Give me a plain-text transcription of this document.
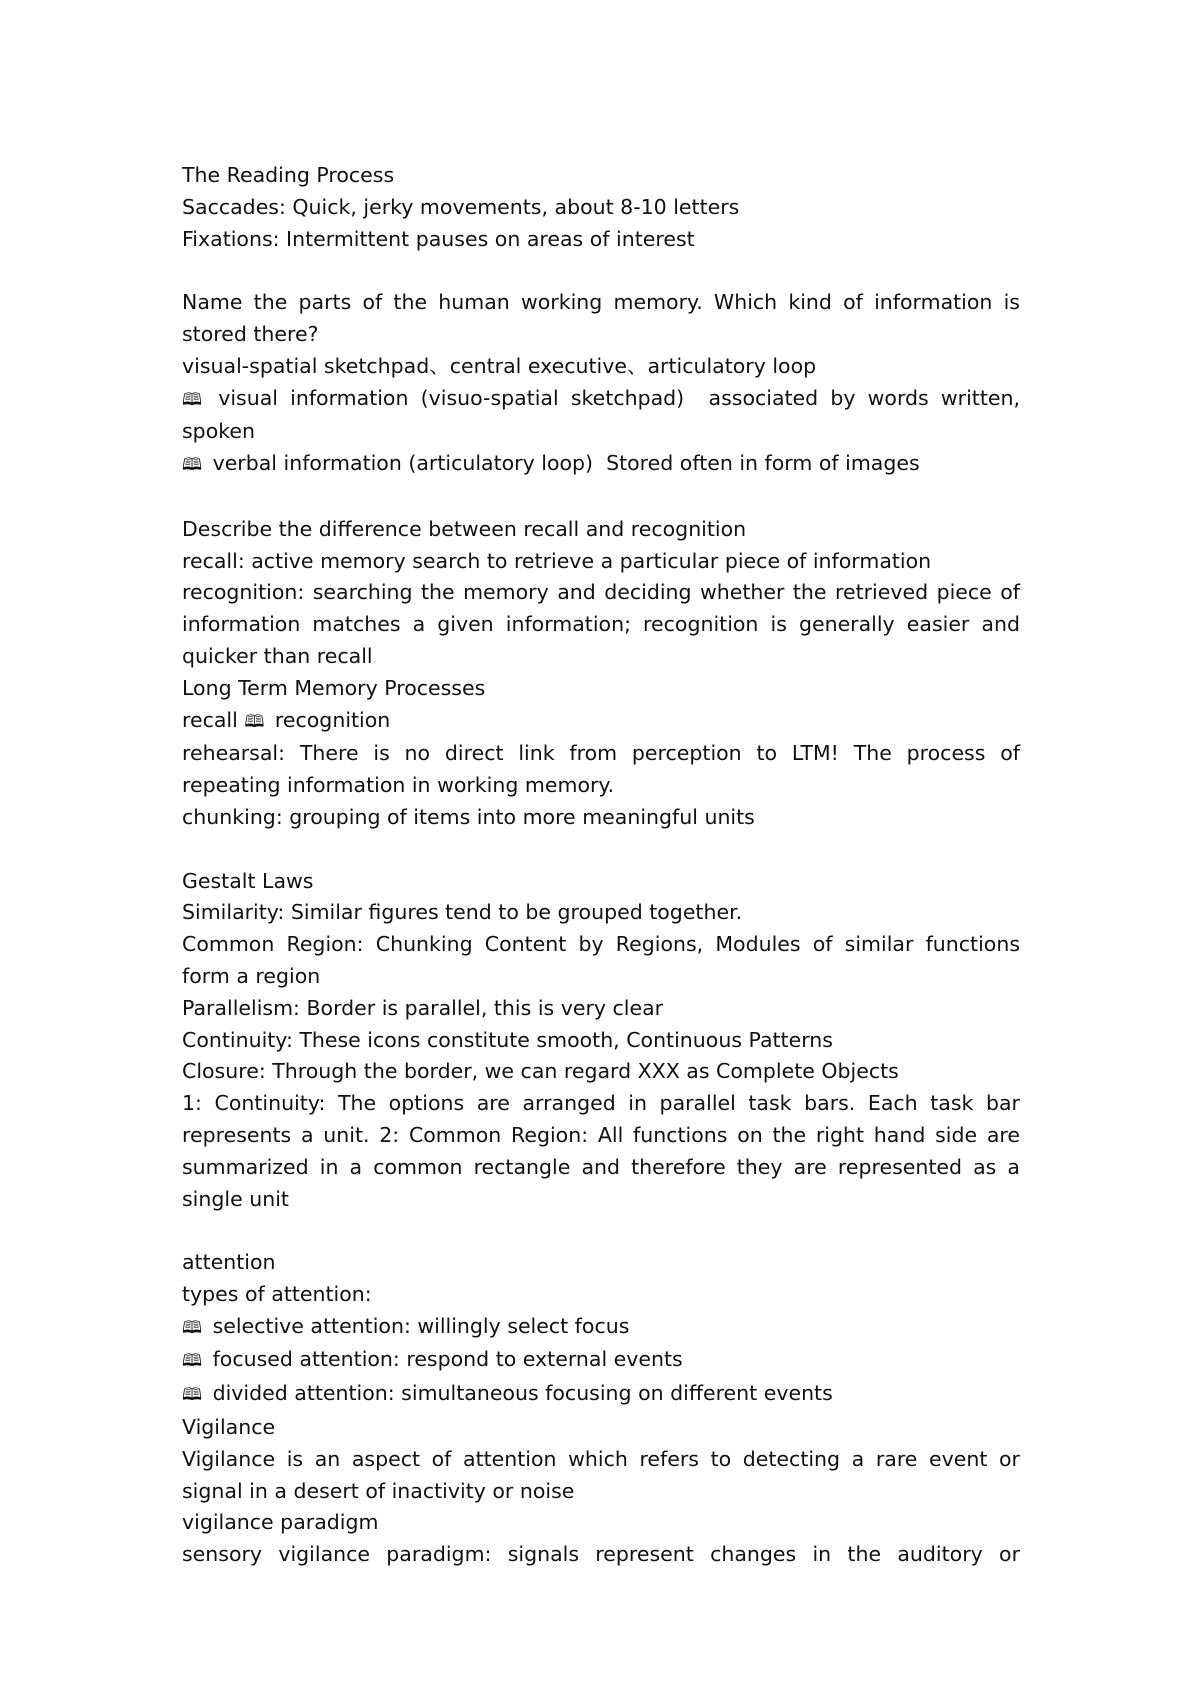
The Reading Process

Saccades: Quick, jerky movements, about 8-10 letters

Fixations: Intermittent pauses on areas of interest

Name the parts of the human working memory. Which kind of information is stored there?

visual-spatial sketchpad、central executive、articulatory loop

🕮 visual information (visuo-spatial sketchpad)  associated by words written, spoken

🕮 verbal information (articulatory loop)  Stored often in form of images

Describe the difference between recall and recognition

recall: active memory search to retrieve a particular piece of information

recognition: searching the memory and deciding whether the retrieved piece of information matches a given information; recognition is generally easier and quicker than recall

Long Term Memory Processes

recall 🕮 recognition

rehearsal: There is no direct link from perception to LTM! The process of repeating information in working memory.

chunking: grouping of items into more meaningful units

Gestalt Laws

Similarity: Similar figures tend to be grouped together.

Common Region: Chunking Content by Regions, Modules of similar functions form a region

Parallelism: Border is parallel, this is very clear

Continuity: These icons constitute smooth, Continuous Patterns

Closure: Through the border, we can regard XXX as Complete Objects

1: Continuity: The options are arranged in parallel task bars. Each task bar represents a unit. 2: Common Region: All functions on the right hand side are summarized in a common rectangle and therefore they are represented as a single unit

attention

types of attention:

🕮 selective attention: willingly select focus

🕮 focused attention: respond to external events

🕮 divided attention: simultaneous focusing on different events

Vigilance

Vigilance is an aspect of attention which refers to detecting a rare event or signal in a desert of inactivity or noise

vigilance paradigm

sensory vigilance paradigm: signals represent changes in the auditory or
